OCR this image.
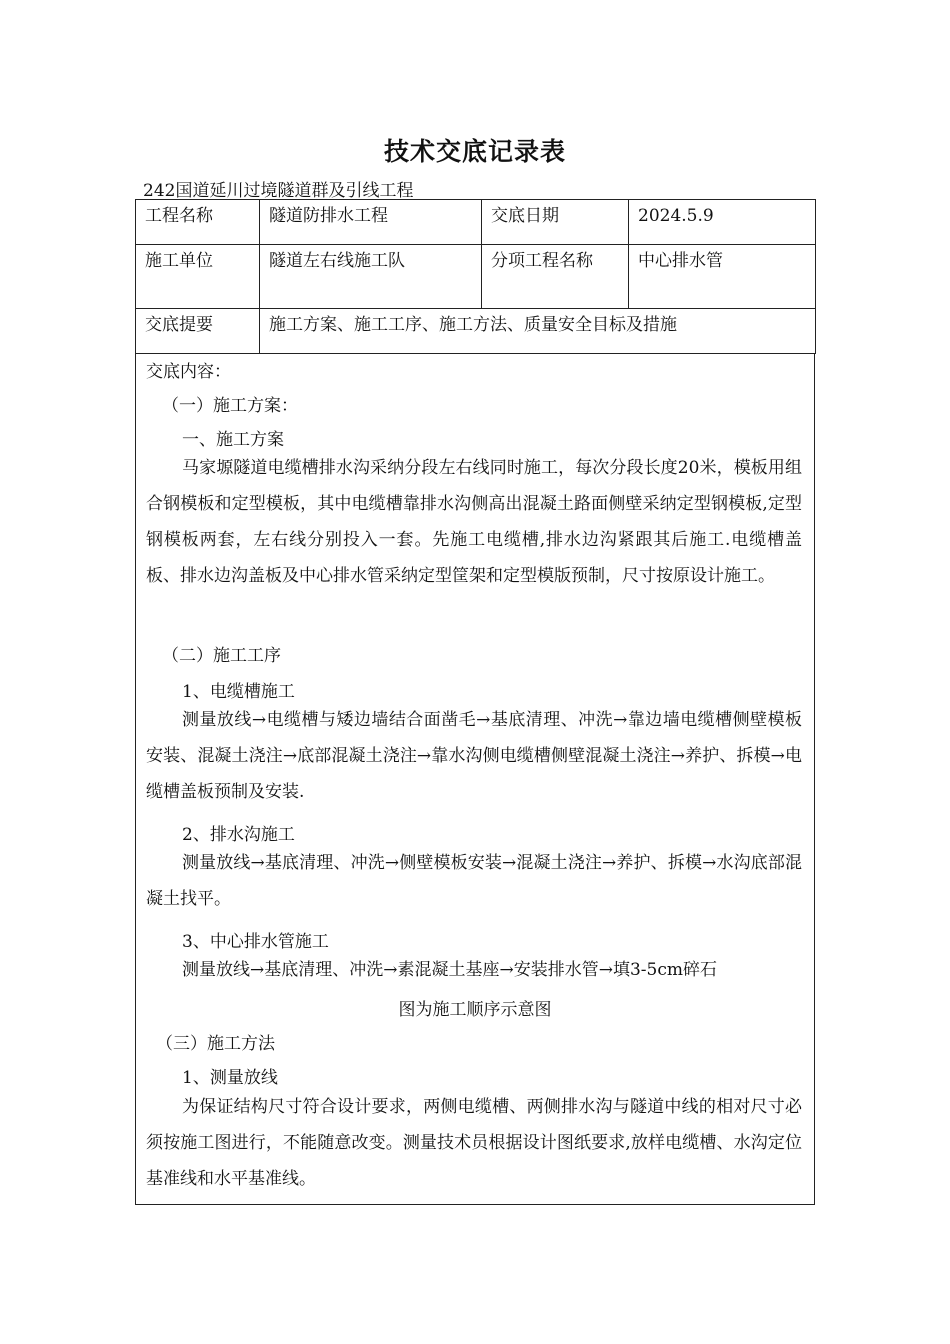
技术交底记录表
242国道延川过境隧道群及引线工程
工程名称	隧道防排水工程	交底日期	2024.5.9

施工单位	隧道左右线施工队	分项工程名称	中心排水管

交底提要	施工方案、施工工序、施工方法、质量安全目标及措施		
交底内容：
（一）施工方案：
一、施工方案
马家塬隧道电缆槽排水沟采纳分段左右线同时施工，每次分段长度20米，模板用组合钢模板和定型模板，其中电缆槽靠排水沟侧高出混凝土路面侧壁采纳定型钢模板,定型钢模板两套，左右线分别投入一套。先施工电缆槽,排水边沟紧跟其后施工.电缆槽盖板、排水边沟盖板及中心排水管采纳定型筐架和定型模版预制，尺寸按原设计施工。
（二）施工工序
1、电缆槽施工
测量放线→电缆槽与矮边墙结合面凿毛→基底清理、冲洗→靠边墙电缆槽侧壁模板安装、混凝土浇注→底部混凝土浇注→靠水沟侧电缆槽侧壁混凝土浇注→养护、拆模→电缆槽盖板预制及安装.
2、排水沟施工
测量放线→基底清理、冲洗→侧壁模板安装→混凝土浇注→养护、拆模→水沟底部混凝土找平。
3、中心排水管施工
测量放线→基底清理、冲洗→素混凝土基座→安装排水管→填3-5cm碎石
图为施工顺序示意图
（三）施工方法
1、测量放线
为保证结构尺寸符合设计要求，两侧电缆槽、两侧排水沟与隧道中线的相对尺寸必须按施工图进行，不能随意改变。测量技术员根据设计图纸要求,放样电缆槽、水沟定位基准线和水平基准线。
